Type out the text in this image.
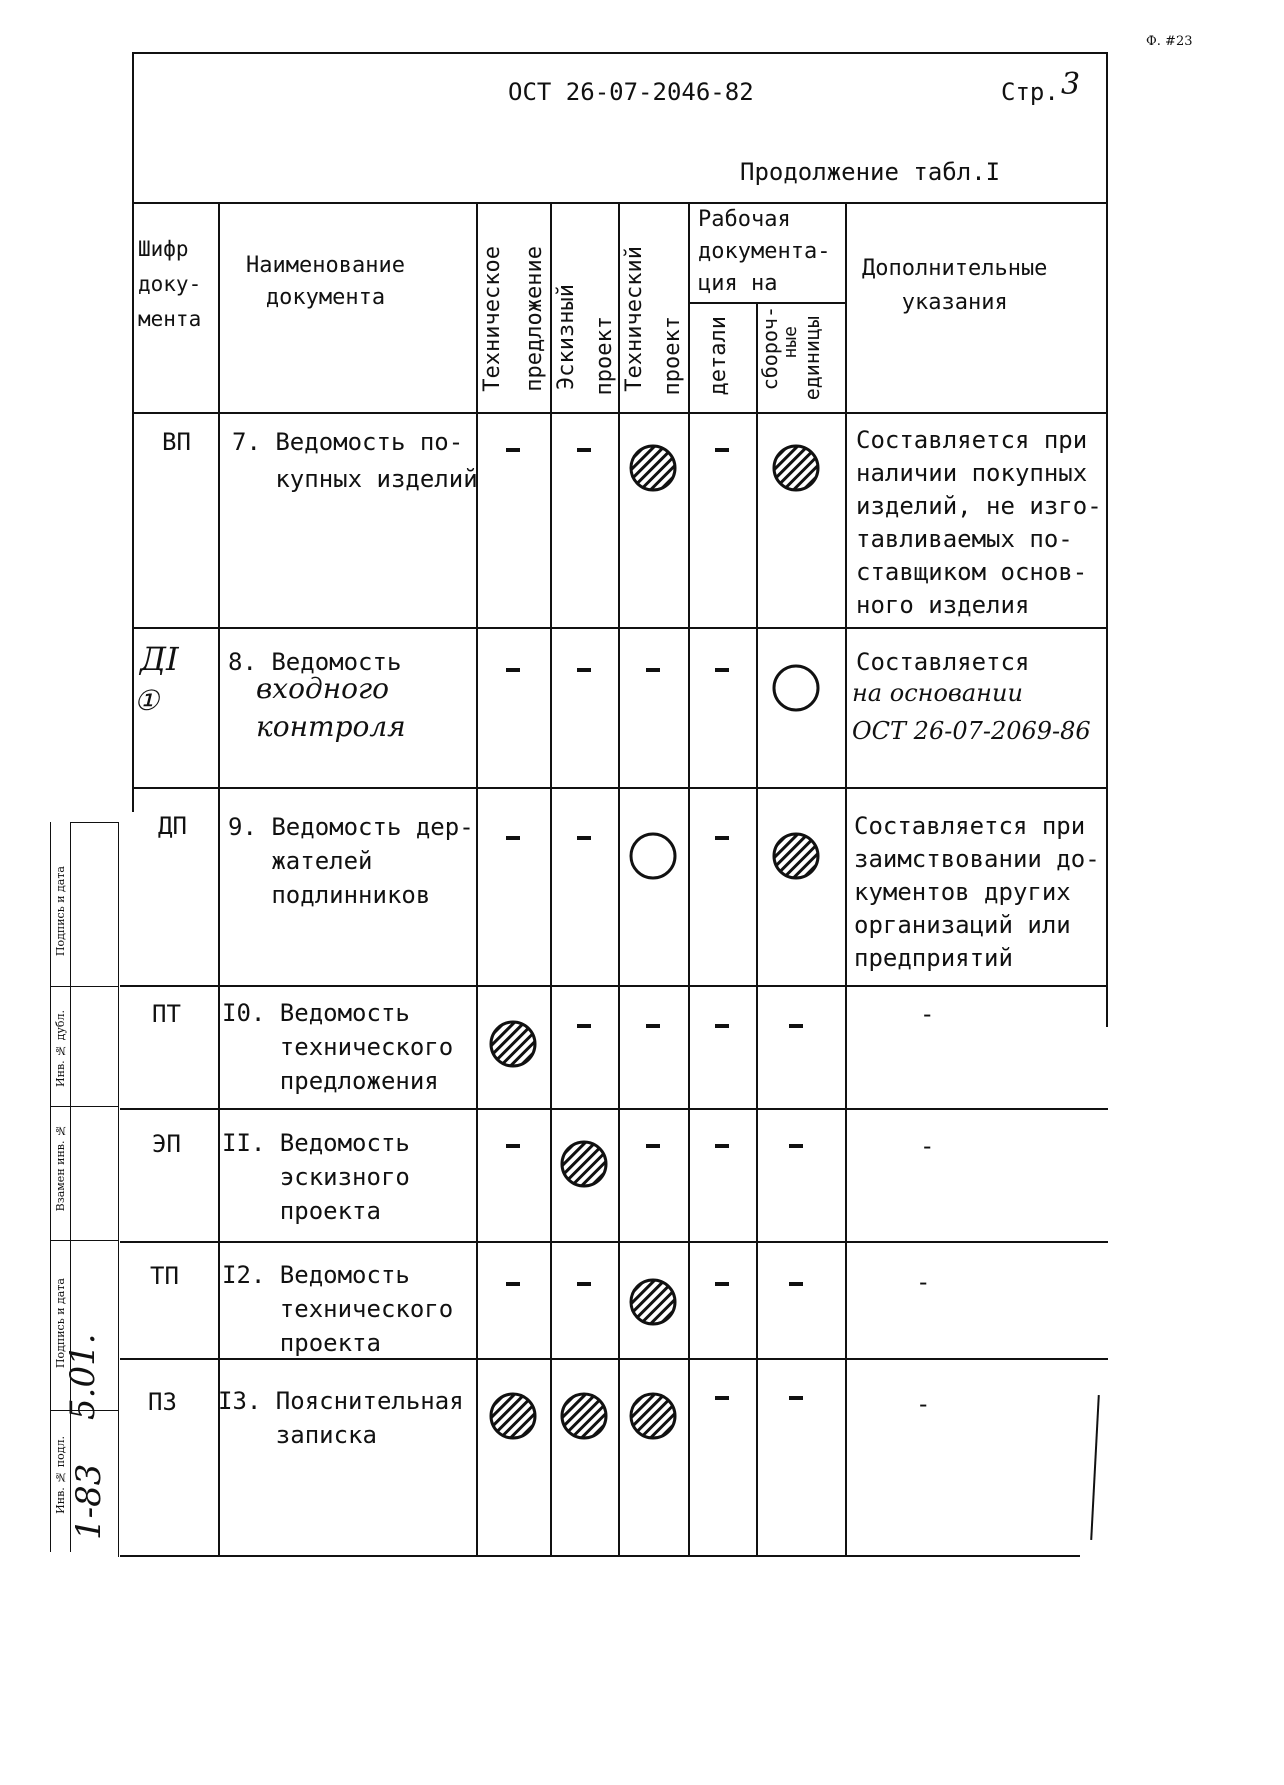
Ф. #23
ОСТ 26-07-2046-82	Стр. 3
Продолжение табл.I
Шифр
доку-
мента
Наименование
документа	Техническое предложение Эскизный проект Технический проект
Рабочая
документа-
ция на
детали сбороч-
ные единицы
Дополнительные
указания
ВП 7. Ведомость по-
купных изделий
Составляется при
наличии покупных
изделий, не изго-
тавливаемых по-
ставщиком основ-
ного изделия
ДI
①
8. Ведомость
входного
контроля
Составляется
на основании
ОСТ 26-07-2069-86
ДП 9. Ведомость дер-
жателей
подлинников
Составляется при
заимствовании до-
кументов других
организаций или
предприятий
ПТ I0. Ведомость
технического
предложения
-
ЭП II. Ведомость
эскизного
проекта
-
ТП I2. Ведомость
технического
проекта
-
ПЗ I3. Пояснительная
записка
-
Подпись и дата
Инв. № дубл.
Взамен инв. №
Подпись и дата
Инв. № подл.
5.01.
1-83
